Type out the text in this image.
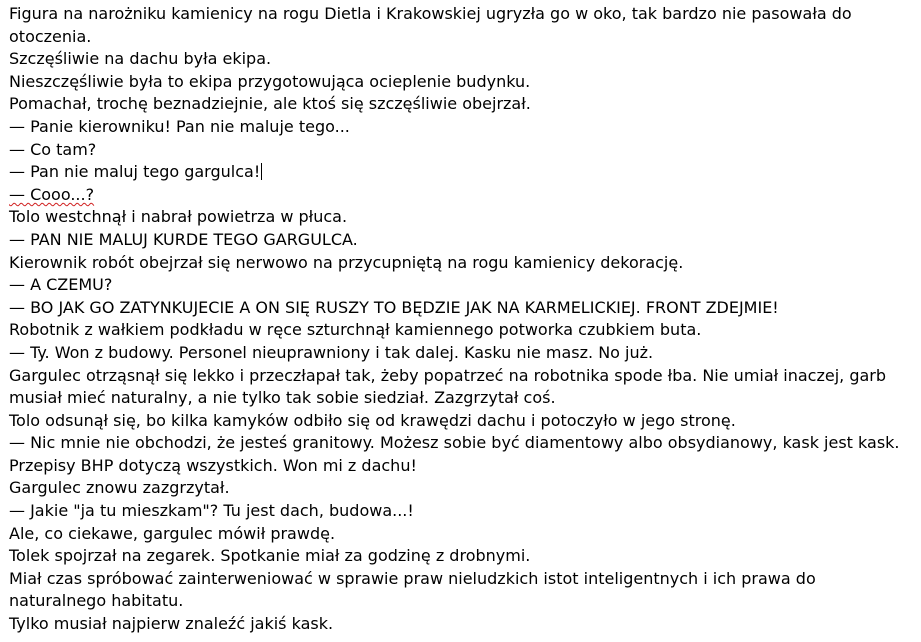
Figura na narożniku kamienicy na rogu Dietla i Krakowskiej ugryzła go w oko, tak bardzo nie pasowała do otoczenia.

Szczęśliwie na dachu była ekipa.

Nieszczęśliwie była to ekipa przygotowująca ocieplenie budynku.

Pomachał, trochę beznadziejnie, ale ktoś się szczęśliwie obejrzał.

— Panie kierowniku! Pan nie maluje tego...

— Co tam?

— Pan nie maluj tego gargulca!

— Cooo...?

Tolo westchnął i nabrał powietrza w płuca.

— PAN NIE MALUJ KURDE TEGO GARGULCA.

Kierownik robót obejrzał się nerwowo na przycupniętą na rogu kamienicy dekorację.

— A CZEMU?

— BO JAK GO ZATYNKUJECIE A ON SIĘ RUSZY TO BĘDZIE JAK NA KARMELICKIEJ. FRONT ZDEJMIE!

Robotnik z wałkiem podkładu w ręce szturchnął kamiennego potworka czubkiem buta.

— Ty. Won z budowy. Personel nieuprawniony i tak dalej. Kasku nie masz. No już.

Gargulec otrząsnął się lekko i przeczłapał tak, żeby popatrzeć na robotnika spode łba. Nie umiał inaczej, garb musiał mieć naturalny, a nie tylko tak sobie siedział. Zazgrzytał coś.

Tolo odsunął się, bo kilka kamyków odbiło się od krawędzi dachu i potoczyło w jego stronę.

— Nic mnie nie obchodzi, że jesteś granitowy. Możesz sobie być diamentowy albo obsydianowy, kask jest kask. Przepisy BHP dotyczą wszystkich. Won mi z dachu!

Gargulec znowu zazgrzytał.

— Jakie "ja tu mieszkam"? Tu jest dach, budowa...!

Ale, co ciekawe, gargulec mówił prawdę.

Tolek spojrzał na zegarek. Spotkanie miał za godzinę z drobnymi.

Miał czas spróbować zainterweniować w sprawie praw nieludzkich istot inteligentnych i ich prawa do naturalnego habitatu.

Tylko musiał najpierw znaleźć jakiś kask.
